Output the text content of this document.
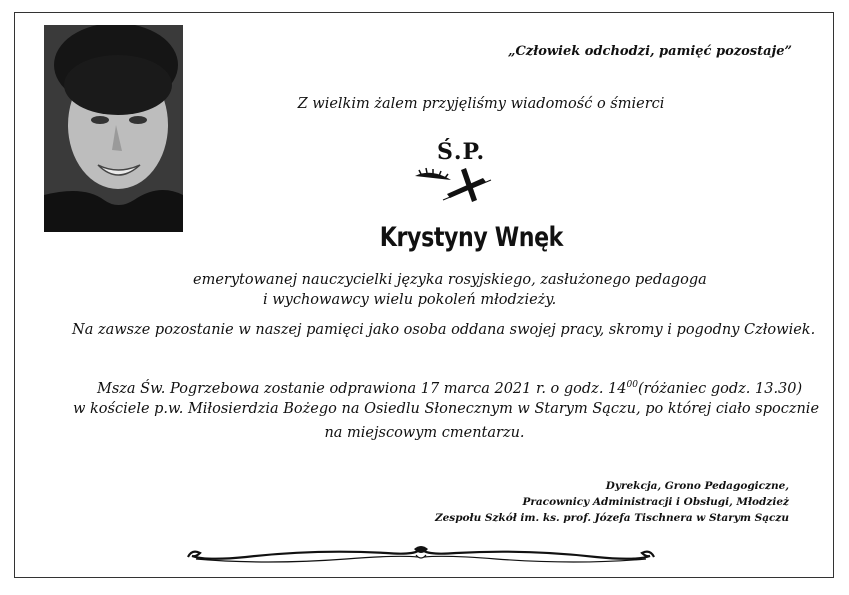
„Człowiek odchodzi, pamięć pozostaje”
Z wielkim żalem przyjęliśmy wiadomość o śmierci
Ś.P.
Krystyny Wnęk
emerytowanej nauczycielki języka rosyjskiego, zasłużonego pedagoga
i wychowawcy wielu pokoleń młodzieży.
Na zawsze pozostanie w naszej pamięci jako osoba oddana swojej pracy, skromy i pogodny Człowiek.
Msza Św. Pogrzebowa zostanie odprawiona 17 marca 2021 r. o godz. $14^{00}(różaniec$ godz. 13.30)
w kościele p.w. Miłosierdzia Bożego na Osiedlu Słonecznym w Starym Sączu, po której ciało spocznie
na miejscowym cmentarzu.
Dyrekcja, Grono Pedagogiczne,
Pracownicy Administracji i Obsługi, Młodzież
Zespołu Szkół im. ks. prof. Józefa Tischnera w Starym Sączu
